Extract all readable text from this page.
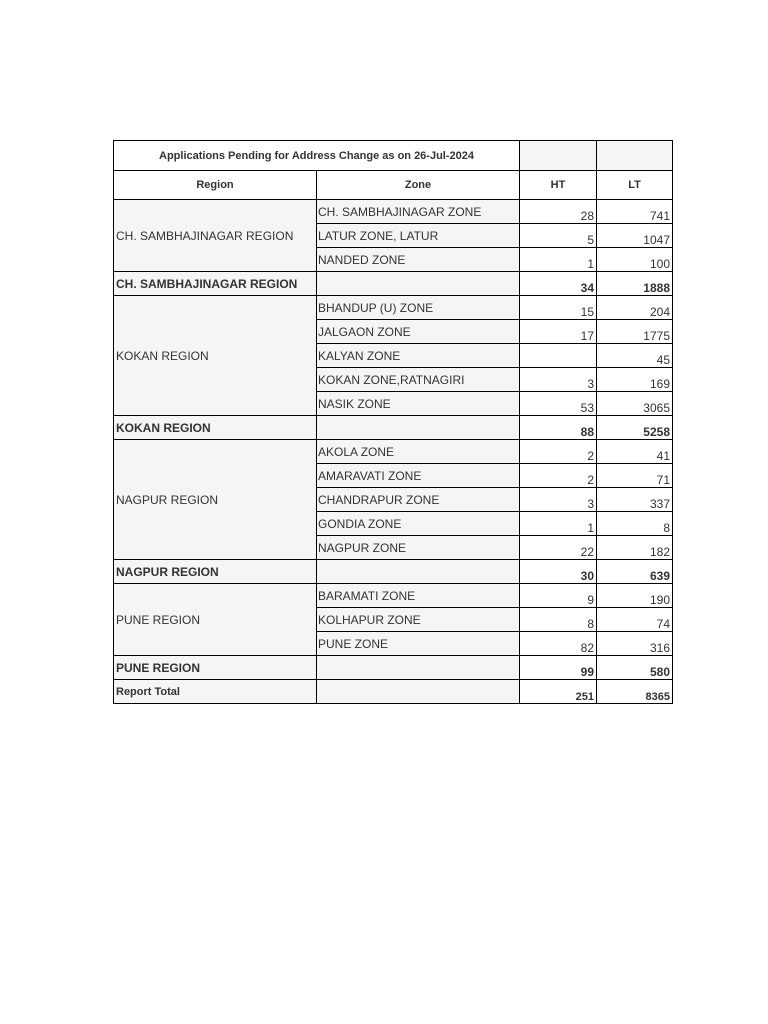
Applications Pending for Address Change as on 26-Jul-2024			
Region	Zone	HT	LT
CH. SAMBHAJINAGAR REGION	CH. SAMBHAJINAGAR ZONE	28	741
	LATUR ZONE, LATUR	5	1047
	NANDED ZONE	1	100
CH. SAMBHAJINAGAR REGION		34	1888
KOKAN REGION	BHANDUP (U) ZONE	15	204
	JALGAON ZONE	17	1775
	KALYAN ZONE		45
	KOKAN ZONE,RATNAGIRI	3	169
	NASIK ZONE	53	3065
KOKAN REGION		88	5258
NAGPUR REGION	AKOLA ZONE	2	41
	AMARAVATI ZONE	2	71
	CHANDRAPUR ZONE	3	337
	GONDIA ZONE	1	8
	NAGPUR ZONE	22	182
NAGPUR REGION		30	639
PUNE REGION	BARAMATI ZONE	9	190
	KOLHAPUR ZONE	8	74
	PUNE ZONE	82	316
PUNE REGION		99	580
Report Total		251	8365
